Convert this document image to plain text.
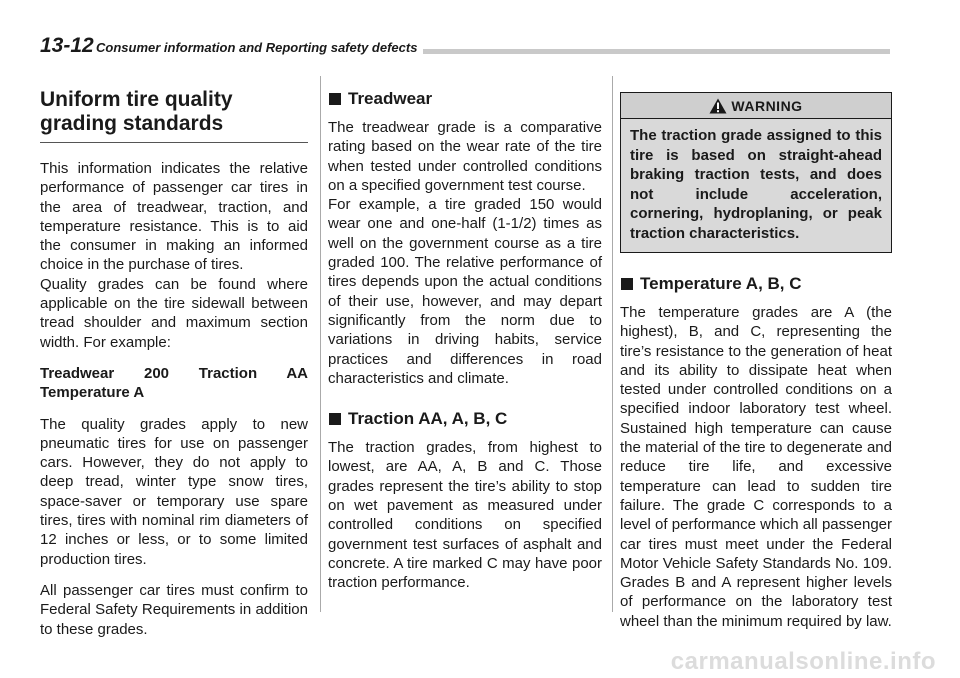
13-12 Consumer information and Reporting safety defects
Uniform tire quality grading standards

This information indicates the relative performance of passenger car tires in the area of treadwear, traction, and temperature resistance. This is to aid the consumer in making an informed choice in the purchase of tires.

Quality grades can be found where applicable on the tire sidewall between tread shoulder and maximum section width. For example:

Treadwear 200 Traction AA Temperature A

The quality grades apply to new pneumatic tires for use on passenger cars. However, they do not apply to deep tread, winter type snow tires, space-saver or temporary use spare tires, tires with nominal rim diameters of 12 inches or less, or to some limited production tires.

All passenger car tires must confirm to Federal Safety Requirements in addition to these grades.

Treadwear

The treadwear grade is a comparative rating based on the wear rate of the tire when tested under controlled conditions on a specified government test course.

For example, a tire graded 150 would wear one and one-half (1-1/2) times as well on the government course as a tire graded 100. The relative performance of tires depends upon the actual conditions of their use, however, and may depart significantly from the norm due to variations in driving habits, service practices and differences in road characteristics and climate.

Traction AA, A, B, C

The traction grades, from highest to lowest, are AA, A, B and C. Those grades represent the tire’s ability to stop on wet pavement as measured under controlled conditions on specified government test surfaces of asphalt and concrete. A tire marked C may have poor traction performance.

WARNING
The traction grade assigned to this tire is based on straight-ahead braking traction tests, and does not include acceleration, cornering, hydroplaning, or peak traction characteristics.
Temperature A, B, C

The temperature grades are A (the highest), B, and C, representing the tire’s resistance to the generation of heat and its ability to dissipate heat when tested under controlled conditions on a specified indoor laboratory test wheel. Sustained high temperature can cause the material of the tire to degenerate and reduce tire life, and excessive temperature can lead to sudden tire failure. The grade C corresponds to a level of performance which all passenger car tires must meet under the Federal Motor Vehicle Safety Standards No. 109. Grades B and A represent higher levels of performance on the laboratory test wheel than the minimum required by law.

carmanualsonline.info
